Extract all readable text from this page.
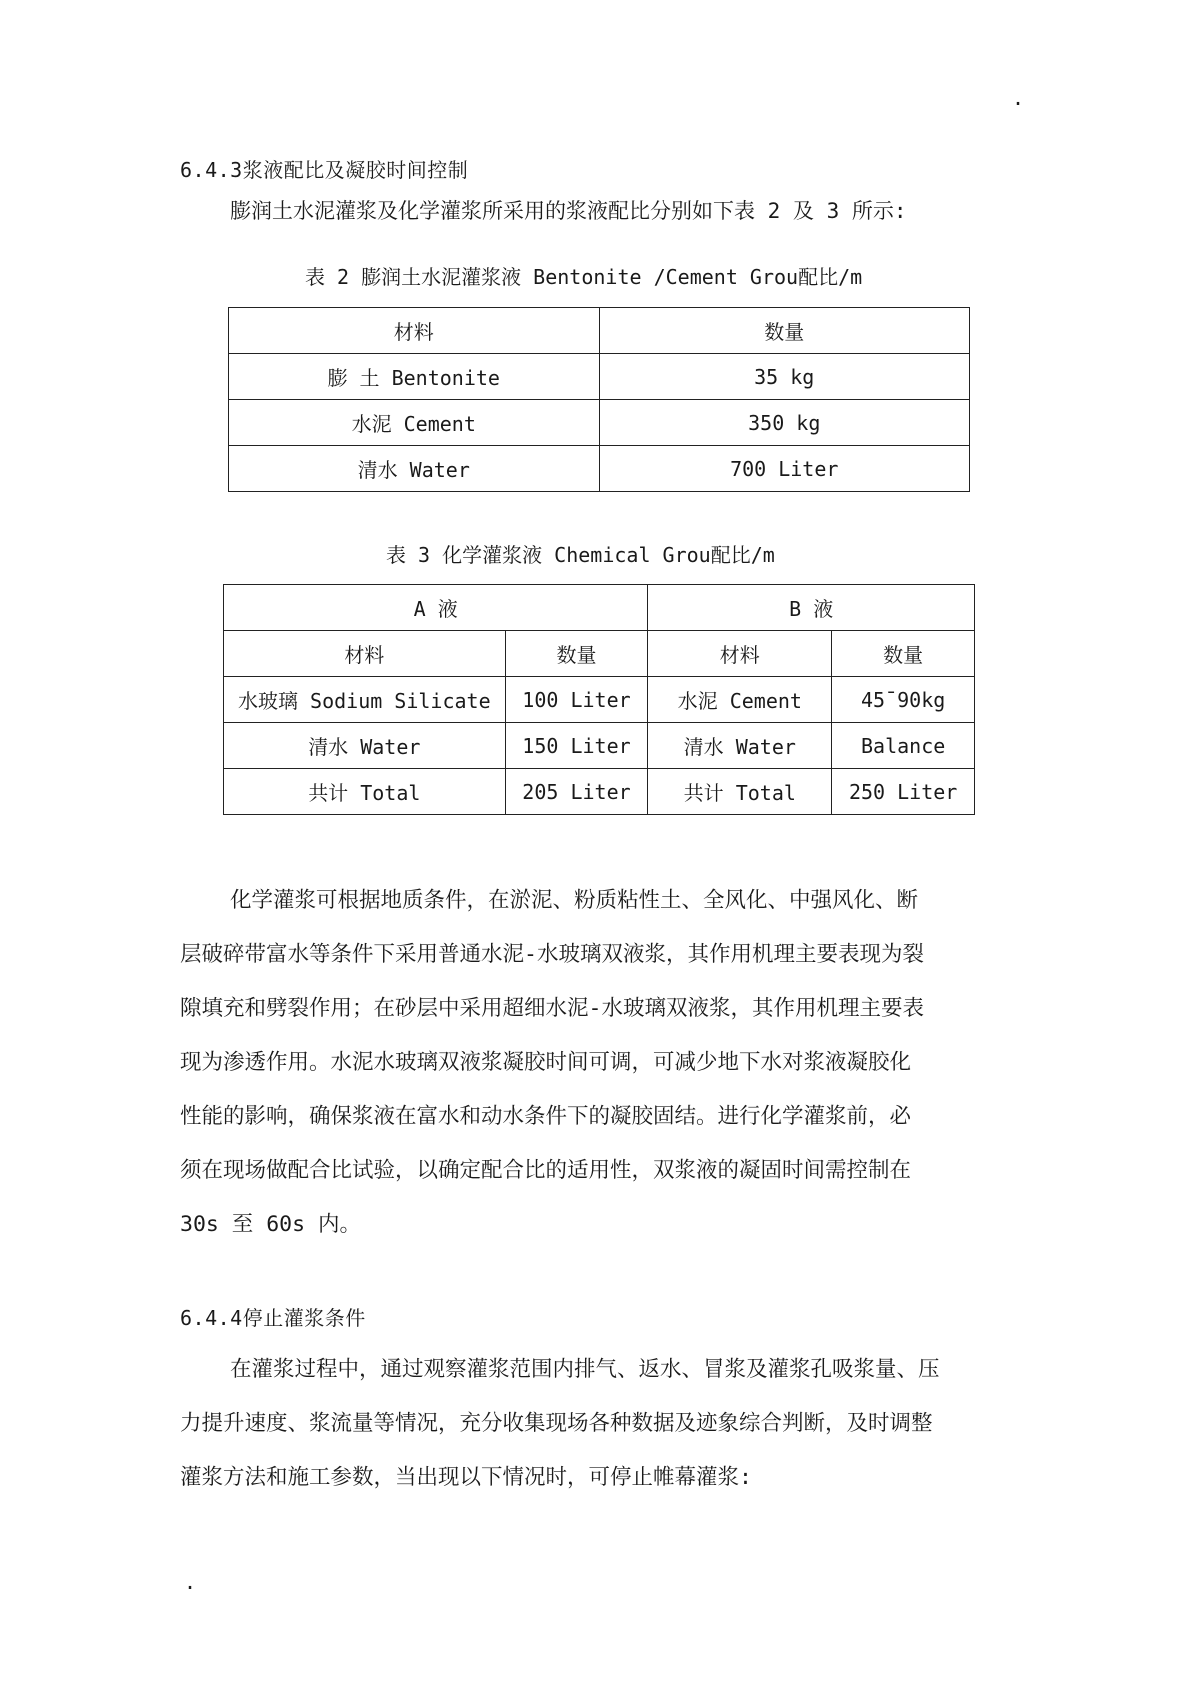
.
6.4.3浆液配比及凝胶时间控制
膨润土水泥灌浆及化学灌浆所采用的浆液配比分别如下表 2 及 3 所示:
表 2 膨润土水泥灌浆液 Bentonite /Cement Grou配比/m
材料	数量
膨 土 Bentonite	35 kg
水泥 Cement	350 kg
清水 Water	700 Liter
表 3 化学灌浆液 Chemical Grou配比/m
A 液		B 液	
材料	数量	材料	数量
水玻璃 Sodium Silicate	100 Liter	水泥 Cement	45¯90kg
清水 Water	150 Liter	清水 Water	Balance
共计 Total	205 Liter	共计 Total	250 Liter
化学灌浆可根据地质条件，在淤泥、粉质粘性土、全风化、中强风化、断
层破碎带富水等条件下采用普通水泥-水玻璃双液浆，其作用机理主要表现为裂
隙填充和劈裂作用；在砂层中采用超细水泥-水玻璃双液浆，其作用机理主要表
现为渗透作用。水泥水玻璃双液浆凝胶时间可调，可减少地下水对浆液凝胶化
性能的影响，确保浆液在富水和动水条件下的凝胶固结。进行化学灌浆前，必
须在现场做配合比试验，以确定配合比的适用性，双浆液的凝固时间需控制在
30s 至 60s 内。
6.4.4停止灌浆条件
在灌浆过程中，通过观察灌浆范围内排气、返水、冒浆及灌浆孔吸浆量、压
力提升速度、浆流量等情况，充分收集现场各种数据及迹象综合判断，及时调整
灌浆方法和施工参数，当出现以下情况时，可停止帷幕灌浆:
.
